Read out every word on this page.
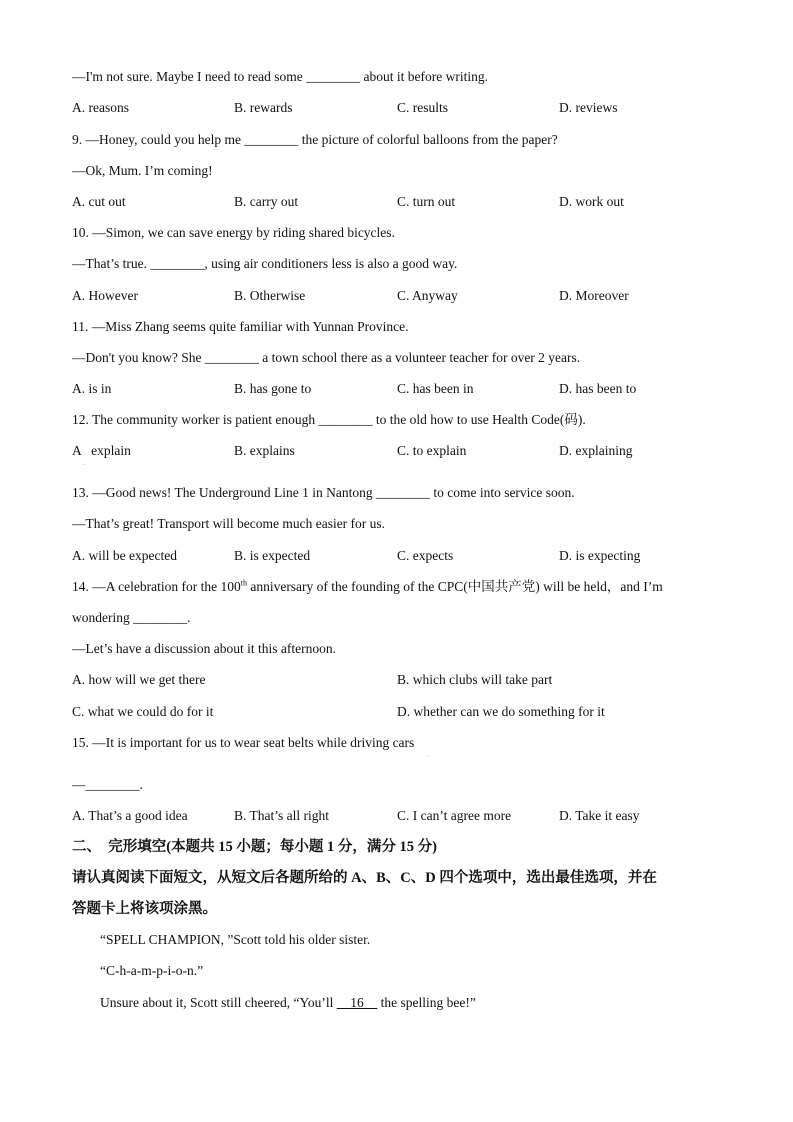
—I'm not sure. Maybe I need to read some ________ about it before writing.
A. reasons	B. rewards	C. results	D. reviews
9. —Honey, could you help me ________ the picture of colorful balloons from the paper?
—Ok, Mum. I’m coming!
A. cut out	B. carry out	C. turn out	D. work out
10. —Simon, we can save energy by riding shared bicycles.
—That’s true. ________, using air conditioners less is also a good way.
A. However	B. Otherwise	C. Anyway	D. Moreover
11. —Miss Zhang seems quite familiar with Yunnan Province.
—Don't you know? She ________ a town school there as a volunteer teacher for over 2 years.
A. is in	B. has gone to	C. has been in	D. has been to
12. The community worker is patient enough ________ to the old how to use Health Code(码).
A   explain	B. explains	C. to explain	D. explaining
.
13. —Good news! The Underground Line 1 in Nantong ________ to come into service soon.
—That’s great! Transport will become much easier for us.
A. will be expected	B. is expected	C. expects	D. is expecting
14. —A celebration for the 100th anniversary of the founding of the CPC(中国共产党) will be held，and I’m
wondering ________.
—Let’s have a discussion about it this afternoon.
A. how will we get there	B. which clubs will take part
C. what we could do for it	D. whether can we do something for it
15. —It is important for us to wear seat belts while driving cars
.
—________.
A. That’s a good idea	B. That’s all right	C. I can’t agree more	D. Take it easy
二、  完形填空(本题共 15 小题；每小题 1 分，满分 15 分)
请认真阅读下面短文，从短文后各题所给的 A、B、C、D 四个选项中，选出最佳选项，并在
答题卡上将该项涂黑。
“SPELL CHAMPION, ”Scott told his older sister.
“C-h-a-m-p-i-o-n.”
Unsure about it, Scott still cheered, “You’ll     16     the spelling bee!”
